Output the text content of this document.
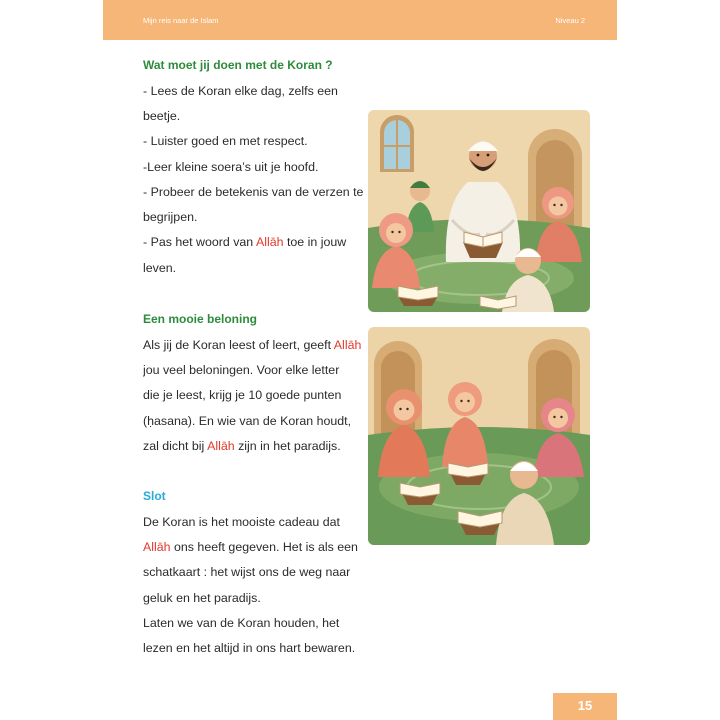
Mijn reis naar de Islam	Niveau 2
Wat moet jij doen met de Koran ?
- Lees de Koran elke dag, zelfs een
beetje.
- Luister goed en met respect.
-Leer kleine soera’s uit je hoofd.
- Probeer de betekenis van de verzen te
begrijpen.
- Pas het woord van Allāh toe in jouw
leven.
Een mooie beloning
Als jij de Koran leest of leert, geeft Allāh
jou veel beloningen. Voor elke letter
die je leest, krijg je 10 goede punten
(ḥasana). En wie van de Koran houdt,
zal dicht bij Allāh zijn in het paradijs.
Slot
De Koran is het mooiste cadeau dat
Allāh ons heeft gegeven. Het is als een
schatkaart : het wijst ons de weg naar
geluk en het paradijs.
Laten we van de Koran houden, het
lezen en het altijd in ons hart bewaren.
15
